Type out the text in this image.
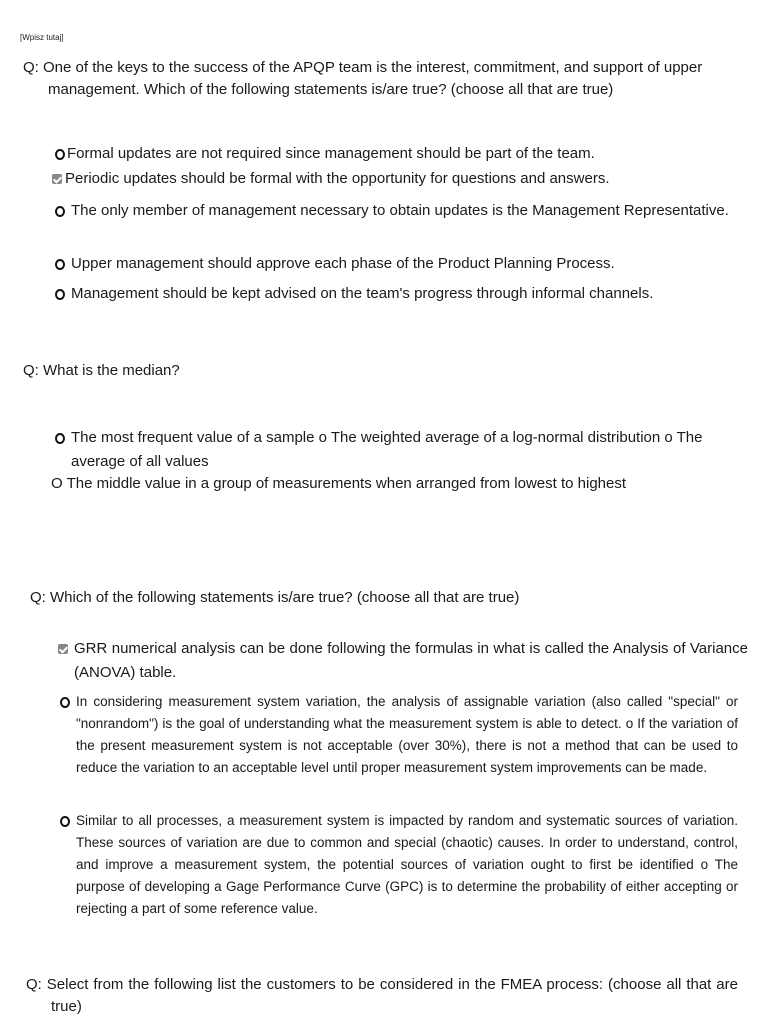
[Wpisz tutaj]
Q: One of the keys to the success of the APQP team is the interest, commitment, and support of upper management. Which of the following statements is/are true? (choose all that are true)
Formal updates are not required since management should be part of the team.
Periodic updates should be formal with the opportunity for questions and answers.
The only member of management necessary to obtain updates is the Management Representative.
Upper management should approve each phase of the Product Planning Process.
Management should be kept advised on the team's progress through informal channels.
Q: What is the median?
The most frequent value of a sample o The weighted average of a log-normal distribution o The average of all values
O The middle value in a group of measurements when arranged from lowest to highest
Q: Which of the following statements is/are true? (choose all that are true)
GRR numerical analysis can be done following the formulas in what is called the Analysis of Variance (ANOVA) table.
In considering measurement system variation, the analysis of assignable variation (also called "special" or "nonrandom") is the goal of understanding what the measurement system is able to detect. o If the variation of the present measurement system is not acceptable (over 30%), there is not a method that can be used to reduce the variation to an acceptable level until proper measurement system improvements can be made.
Similar to all processes, a measurement system is impacted by random and systematic sources of variation. These sources of variation are due to common and special (chaotic) causes. In order to understand, control, and improve a measurement system, the potential sources of variation ought to first be identified o The purpose of developing a Gage Performance Curve (GPC) is to determine the probability of either accepting or rejecting a part of some reference value.
Q: Select from the following list the customers to be considered in the FMEA process: (choose all that are true)
